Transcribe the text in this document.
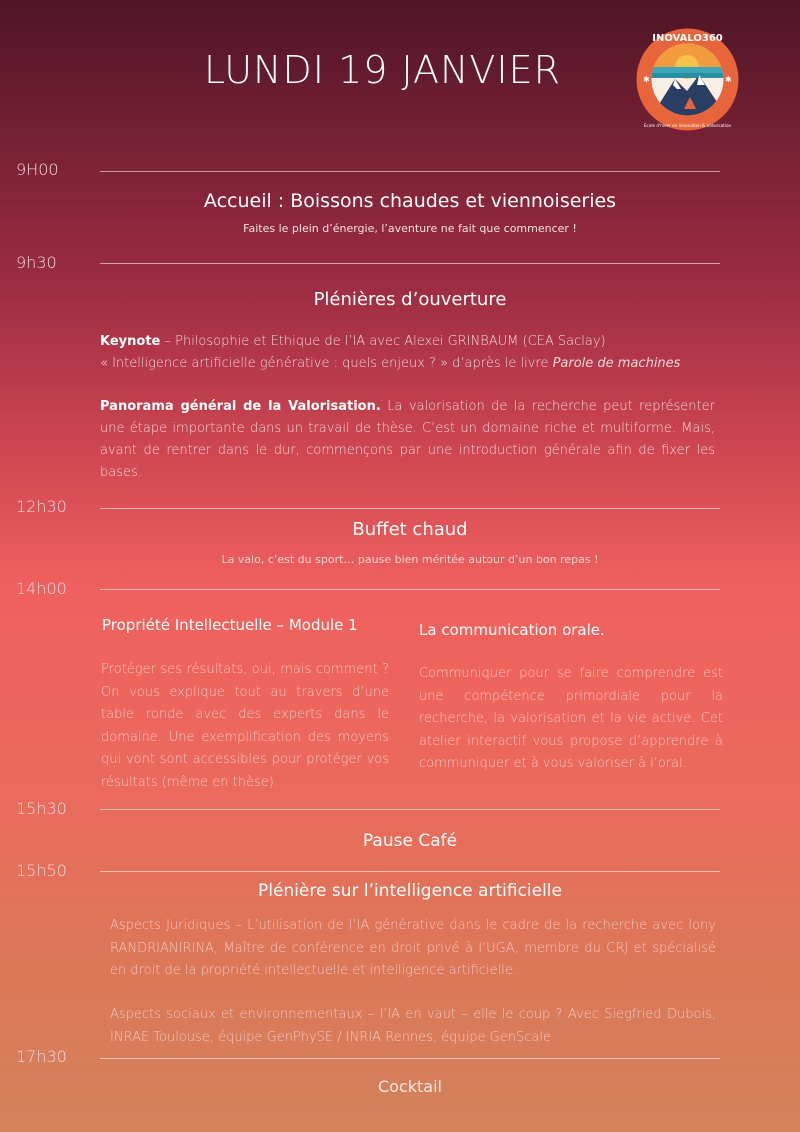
LUNDI 19 JANVIER
INOVALO360
✱	✱
Ecole d'hiver en innovation & valorisation
9H00
Accueil : Boissons chaudes et viennoiseries
Faites le plein d’énergie, l’aventure ne fait que commencer !
9h30
Plénières d’ouverture
Keynote – Philosophie et Ethique de l’IA avec Alexei GRINBAUM (CEA Saclay)
« Intelligence artificielle générative : quels enjeux ? » d’après le livre Parole de machines
Panorama général de la Valorisation. La valorisation de la recherche peut représenter une étape importante dans un travail de thèse. C’est un domaine riche et multiforme. Mais, avant de rentrer dans le dur, commençons par une introduction générale afin de fixer les bases.
12h30
Buffet chaud
La valo, c’est du sport… pause bien méritée autour d’un bon repas !
14h00
Propriété Intellectuelle – Module 1
Protéger ses résultats, oui, mais comment ? On vous explique tout au travers d’une table ronde avec des experts dans le domaine. Une exemplification des moyens qui vont sont accessibles pour protéger vos résultats (même en thèse).
La communication orale.
Communiquer pour se faire comprendre est une compétence primordiale pour la recherche, la valorisation et la vie active. Cet atelier interactif vous propose d’apprendre à communiquer et à vous valoriser à l’oral.
15h30
Pause Café
15h50
Plénière sur l’intelligence artificielle
Aspects Juridiques – L’utilisation de l’IA générative dans le cadre de la recherche avec Iony RANDRIANIRINA, Maître de conférence en droit privé à l’UGA, membre du CRJ et spécialisé en droit de la propriété intellectuelle et intelligence artificielle.
Aspects sociaux et environnementaux – l’IA en vaut – elle le coup ? Avec Siegfried Dubois, INRAE Toulouse, équipe GenPhySE / INRIA Rennes, équipe GenScale
17h30
Cocktail
